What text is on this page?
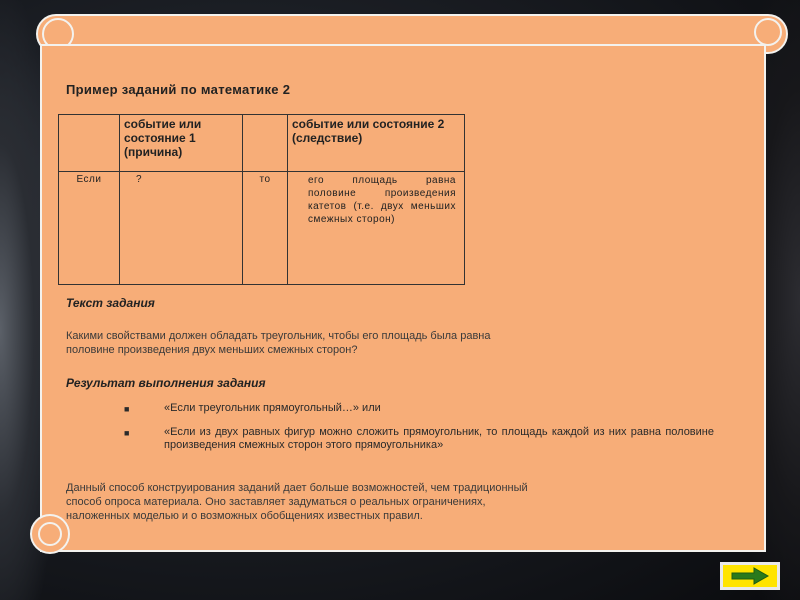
Пример заданий по математике 2

	событие или состояние 1 (причина)		событие или состояние 2 (следствие)
Если	?	то	его площадь равна половине произведения катетов (т.е. двух меньших смежных сторон)
Текст задания
Какими свойствами должен обладать треугольник, чтобы его площадь была равна
половине произведения двух меньших смежных сторон?
Результат выполнения задания
■	«Если треугольник прямоугольный…» или
■	«Если из двух равных фигур можно сложить прямоугольник, то площадь каждой из них равна половине произведения смежных сторон этого прямоугольника»
Данный способ конструирования заданий дает больше возможностей, чем традиционный
способ опроса материала. Оно заставляет задуматься о реальных ограничениях,
наложенных моделью и о возможных обобщениях известных правил.
